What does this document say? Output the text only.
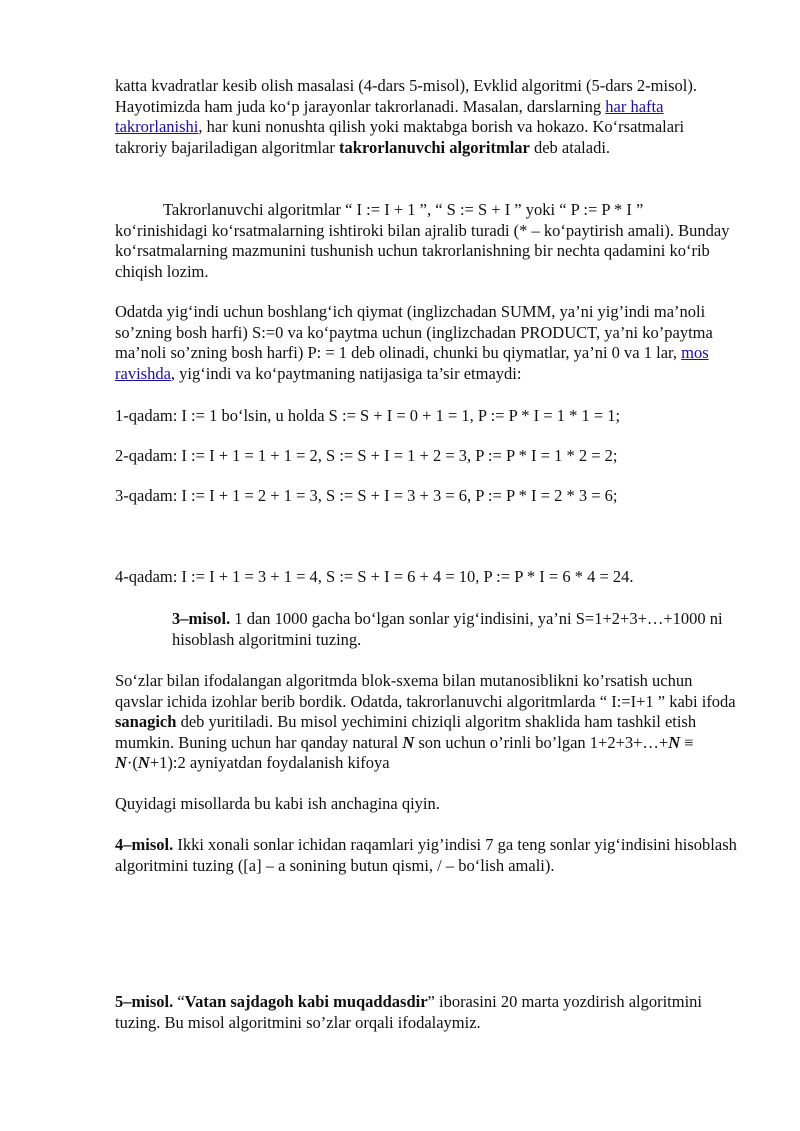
katta kvadratlar kesib olish masalasi (4-dars 5-misol), Evklid algoritmi (5-dars 2-misol). Hayotimizda ham juda koʻp jarayonlar takrorlanadi. Masalan, darslarning har hafta takrorlanishi, har kuni nonushta qilish yoki maktabga borish va hokazo. Koʻrsatmalari takroriy bajariladigan algoritmlar takrorlanuvchi algoritmlar deb ataladi.

Takrorlanuvchi algoritmlar “ I := I + 1 ”, “ S := S + I ” yoki “ P := P * I ”
koʻrinishidagi koʻrsatmalarning ishtiroki bilan ajralib turadi (* – koʻpaytirish amali). Bunday koʻrsatmalarning mazmunini tushunish uchun takrorlanishning bir nechta qadamini koʻrib chiqish lozim.

Odatda yigʻindi uchun boshlangʻich qiymat (inglizchadan SUMM, ya’ni yig’indi ma’noli so’zning bosh harfi) S:=0 va koʻpaytma uchun (inglizchadan PRODUCT, ya’ni ko’paytma ma’noli so’zning bosh harfi) P: = 1 deb olinadi, chunki bu qiymatlar, ya’ni 0 va 1 lar, mos ravishda, yigʻindi va koʻpaytmaning natijasiga ta’sir etmaydi:

1-qadam: I := 1 boʻlsin, u holda S := S + I = 0 + 1 = 1, P := P * I = 1 * 1 = 1;

2-qadam: I := I + 1 = 1 + 1 = 2, S := S + I = 1 + 2 = 3, P := P * I = 1 * 2 = 2;

3-qadam: I := I + 1 = 2 + 1 = 3, S := S + I = 3 + 3 = 6, P := P * I = 2 * 3 = 6;

4-qadam: I := I + 1 = 3 + 1 = 4, S := S + I = 6 + 4 = 10, P := P * I = 6 * 4 = 24.

3–misol. 1 dan 1000 gacha boʻlgan sonlar yigʻindisini, ya’ni S=1+2+3+…+1000 ni hisoblash algoritmini tuzing.

So‘zlar bilan ifodalangan algoritmda blok-sxema bilan mutanosiblikni ko’rsatish uchun qavslar ichida izohlar berib bordik. Odatda, takrorlanuvchi algoritmlarda “ I:=I+1 ” kabi ifoda sanagich deb yuritiladi. Bu misol yechimini chiziqli algoritm shaklida ham tashkil etish mumkin. Buning uchun har qanday natural N son uchun o’rinli bo’lgan 1+2+3+…+N ≡ N·(N+1):2 ayniyatdan foydalanish kifoya

Quyidagi misollarda bu kabi ish anchagina qiyin.

4–misol. Ikki xonali sonlar ichidan raqamlari yig’indisi 7 ga teng sonlar yigʻindisini hisoblash algoritmini tuzing ([a] – a sonining butun qismi, / – boʻlish amali).

5–misol. “Vatan sajdagoh kabi muqaddasdir” iborasini 20 marta yozdirish algoritmini tuzing. Bu misol algoritmini so’zlar orqali ifodalaymiz.
